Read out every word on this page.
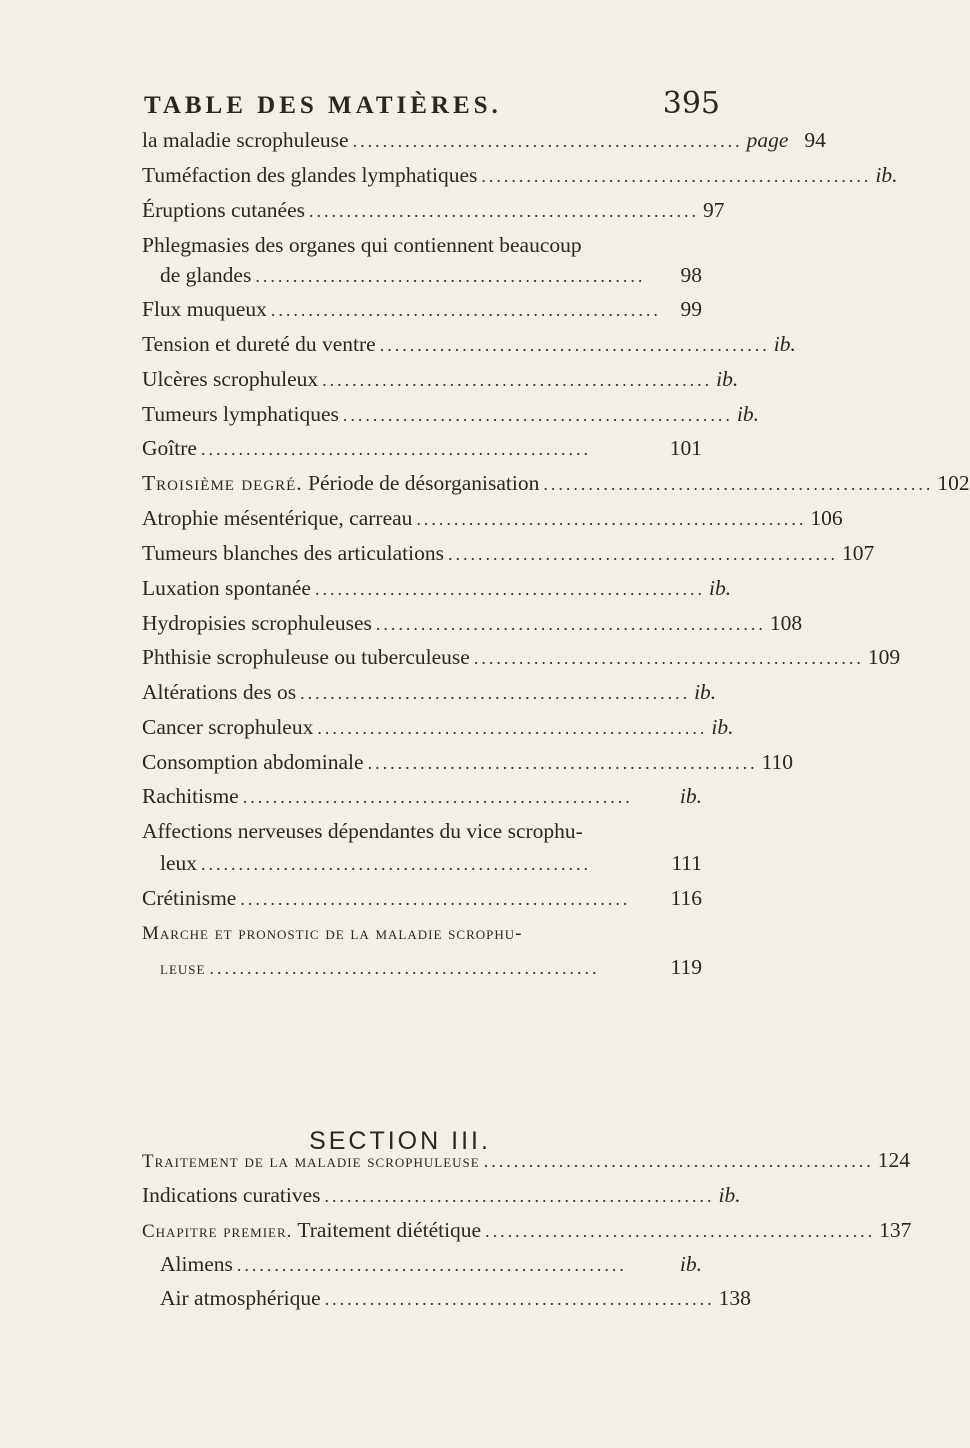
TABLE DES MATIÈRES.	395
la maladie scrophuleuse .................................................... page 94
Tuméfaction des glandes lymphatiques .................................................... ib.
Éruptions cutanées .................................................... 97
Phlegmasies des organes qui contiennent beaucoup
de glandes ....................................................	98
Flux muqueux .................................................... 99
Tension et dureté du ventre .................................................... ib.
Ulcères scrophuleux .................................................... ib.
Tumeurs lymphatiques .................................................... ib.
Goître ....................................................	101
Troisième degré. Période de désorganisation .................................................... 102
Atrophie mésentérique, carreau .................................................... 106
Tumeurs blanches des articulations .................................................... 107
Luxation spontanée .................................................... ib.
Hydropisies scrophuleuses .................................................... 108
Phthisie scrophuleuse ou tuberculeuse .................................................... 109
Altérations des os .................................................... ib.
Cancer scrophuleux .................................................... ib.
Consomption abdominale .................................................... 110
Rachitisme ....................................................	ib.
Affections nerveuses dépendantes du vice scrophu-
leux ....................................................	111
Crétinisme ....................................................	116
Marche et pronostic de la maladie scrophu-
leuse ....................................................	119
SECTION III.
Traitement de la maladie scrophuleuse .................................................... 124
Indications curatives .................................................... ib.
Chapitre premier. Traitement diététique .................................................... 137
Alimens ....................................................	ib.
Air atmosphérique .................................................... 138
